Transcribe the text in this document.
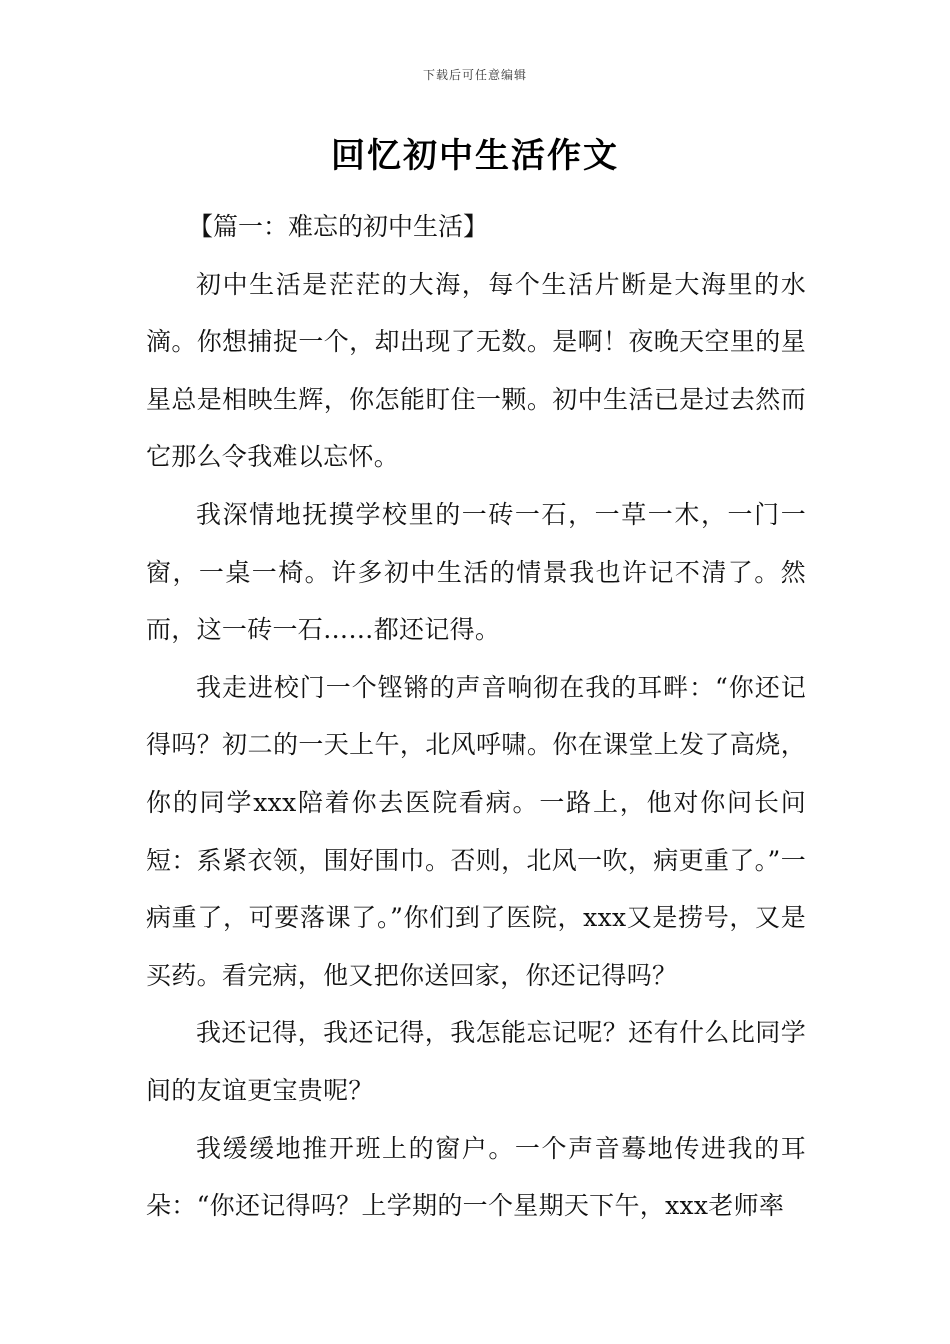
下载后可任意编辑
回忆初中生活作文

【篇一：难忘的初中生活】

初中生活是茫茫的大海，每个生活片断是大海里的水滴。你想捕捉一个，却出现了无数。是啊！夜晚天空里的星星总是相映生辉，你怎能盯住一颗。初中生活已是过去然而它那么令我难以忘怀。

我深情地抚摸学校里的一砖一石，一草一木，一门一窗，一桌一椅。许多初中生活的情景我也许记不清了。然而，这一砖一石……都还记得。

我走进校门一个铿锵的声音响彻在我的耳畔：“你还记得吗？初二的一天上午，北风呼啸。你在课堂上发了高烧，你的同学xxx陪着你去医院看病。一路上，他对你问长问短：系紧衣领，围好围巾。否则，北风一吹，病更重了。”一病重了，可要落课了。”你们到了医院，xxx又是捞号，又是买药。看完病，他又把你送回家，你还记得吗？

我还记得，我还记得，我怎能忘记呢？还有什么比同学间的友谊更宝贵呢？

我缓缓地推开班上的窗户。一个声音蓦地传进我的耳朵：“你还记得吗？上学期的一个星期天下午，xxx老师率
